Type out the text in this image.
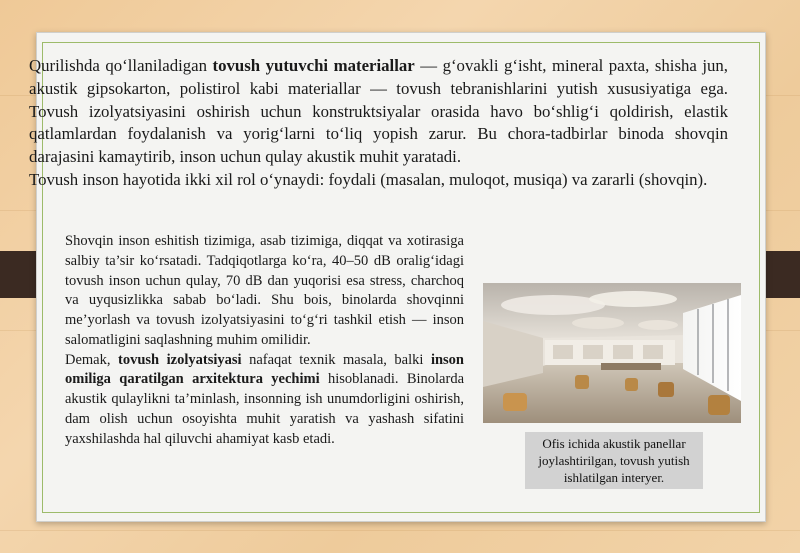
Qurilishda qo‘llaniladigan tovush yutuvchi materiallar — g‘ovakli g‘isht, mineral paxta, shisha jun, akustik gipsokarton, polistirol kabi materiallar — tovush tebranishlarini yutish xususiyatiga ega. Tovush izolyatsiyasini oshirish uchun konstruktsiyalar orasida havo bo‘shlig‘i qoldirish, elastik qatlamlardan foydalanish va yorig‘larni to‘liq yopish zarur. Bu chora-tadbirlar binoda shovqin darajasini kamaytirib, inson uchun qulay akustik muhit yaratadi.

Tovush inson hayotida ikki xil rol o‘ynaydi: foydali (masalan, muloqot, musiqa) va zararli (shovqin).

Shovqin inson eshitish tizimiga, asab tizimiga, diqqat va xotirasiga salbiy ta’sir ko‘rsatadi. Tadqiqotlarga ko‘ra, 40–50 dB oralig‘idagi tovush inson uchun qulay, 70 dB dan yuqorisi esa stress, charchoq va uyqusizlikka sabab bo‘ladi. Shu bois, binolarda shovqinni me’yorlash va tovush izolyatsiyasini to‘g‘ri tashkil etish — inson salomatligini saqlashning muhim omilidir.

Demak, tovush izolyatsiyasi nafaqat texnik masala, balki inson omiliga qaratilgan arxitektura yechimi hisoblanadi. Binolarda akustik qulaylikni ta’minlash, insonning ish unumdorligini oshirish, dam olish uchun osoyishta muhit yaratish va yashash sifatini yaxshilashda hal qiluvchi ahamiyat kasb etadi.	Ofis ichida akustik panellar joylashtirilgan, tovush yutish ishlatilgan interyer.
